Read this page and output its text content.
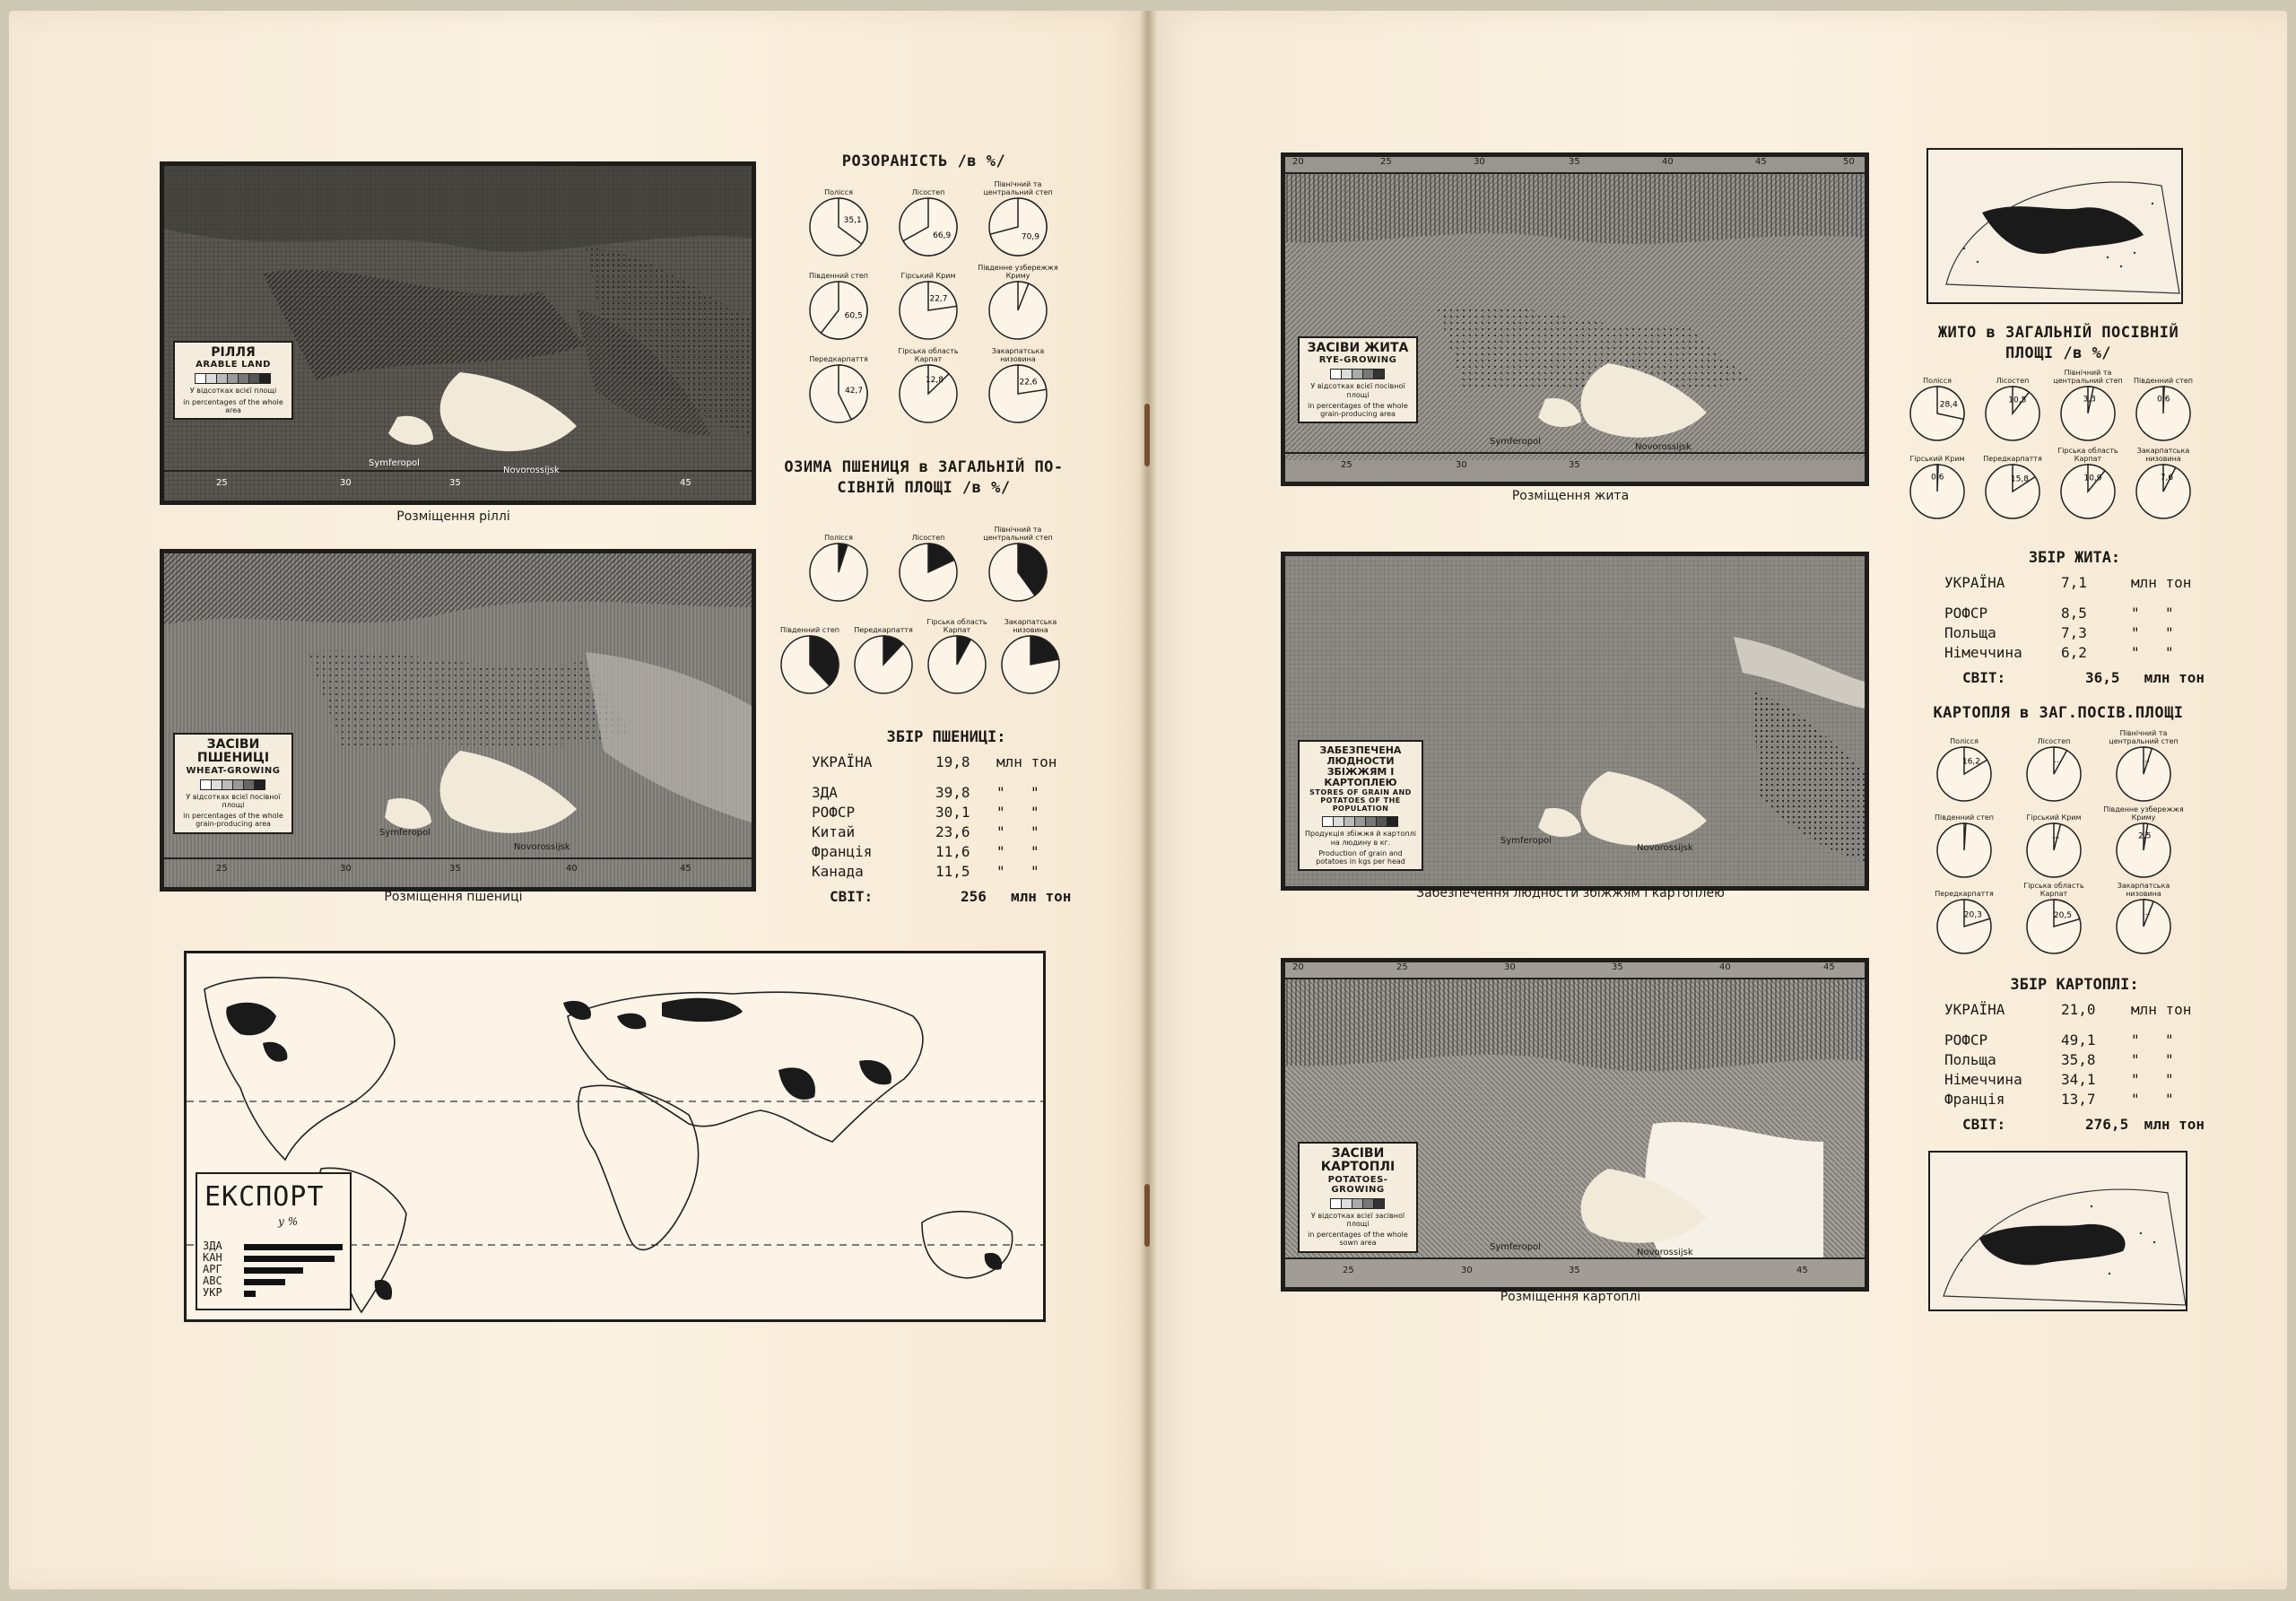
РІЛЛЯ
ARABLE LAND
У відсотках всієї площі
in percentages of the whole area
Symferopol
Novorossijsk
25	30	35	45
Розміщення ріллі
ЗАСІВИ ПШЕНИЦІ
WHEAT-GROWING
У відсотках всієї посівної площі
in percentages of the whole grain-producing area
Symferopol
Novorossijsk
25	30	35	40	45
Розміщення пшениці
РОЗОРАНІСТЬ /в %/
Полісся
35,1
Лісостеп
66,9
Північний та центральний степ
70,9
Південний степ
60,5
Гірський Крим
22,7
Південне узбережжя Криму
Передкарпаття
42,7
Гірська область Карпат
12,8
Закарпатська низовина
22,6
ОЗИМА ПШЕНИЦЯ в ЗАГАЛЬНІЙ ПО-
СІВНІЙ ПЛОЩІ /в %/
Полісся	Лісостеп
Північний та центральний степ
Південний степ Передкарпаття
Гірська область Карпат
Закарпатська низовина
ЗБІР ПШЕНИЦІ:
УКРАЇНА	19,8	млн тон
ЗДА	39,8	"	"
РОФСР	30,1	"	"
Китай	23,6	"	"
Франція	11,6	"	"
Канада	11,5	"	"
СВІТ:	256	млн тон
ЕКСПОРТ
у %
ЗДА
КАН
АРГ
АВС
УКР
ЗАСІВИ ЖИТА
RYE-GROWING
У відсотках всієї посівної площі
in percentages of the whole grain-producing area
20	25	30	35	40	45	50
Symferopol
Novorossijsk
25	30	35
Розміщення жита
ЗАБЕЗПЕЧЕНА ЛЮДНОСТИ ЗБІЖЖЯМ І КАРТОПЛЕЮ
STORES OF GRAIN AND POTATOES OF THE POPULATION
Продукція збіжжя й картоплі на людину в кг.
Production of grain and potatoes in kgs per head
Symferopol
Novorossijsk
Забезпечення людности збіжжям і картоплею
ЗАСІВИ КАРТОПЛІ
POTATOES-GROWING
У відсотках всієї засівної площі
in percentages of the whole sown area
20	25	30	35	40	45
Symferopol
Novorossijsk
25	30	35	45
Розміщення картоплі
ЖИТО в ЗАГАЛЬНІЙ ПОСІВНІЙ
ПЛОЩІ /в %/
Полісся
28,4
Лісостеп
10,5
Північний та центральний степ
3,3
Південний степ
0,6
Гірський Крим
0,6
Передкарпаття
15,8
Гірська область Карпат
10,9
Закарпатська низовина
7,6
ЗБІР ЖИТА:
УКРАЇНА	7,1	млн тон
РОФСР	8,5	"	"
Польща	7,3	"	"
Німеччина	6,2	"	"
СВІТ:	36,5	млн тон
КАРТОПЛЯ в ЗАГ.ПОСІВ.ПЛОЩІ
Полісся
16,2
Лісостеп
…
Північний та центральний степ
…
Південний степ	Гірський Крим
…
Південне узбережжя Криму
2,5
Передкарпаття
20,3
Гірська область Карпат
20,5
Закарпатська низовина
…
ЗБІР КАРТОПЛІ:
УКРАЇНА	21,0	млн тон
РОФСР	49,1	"	"
Польща	35,8	"	"
Німеччина	34,1	"	"
Франція	13,7	"	"
СВІТ:	276,5	млн тон
